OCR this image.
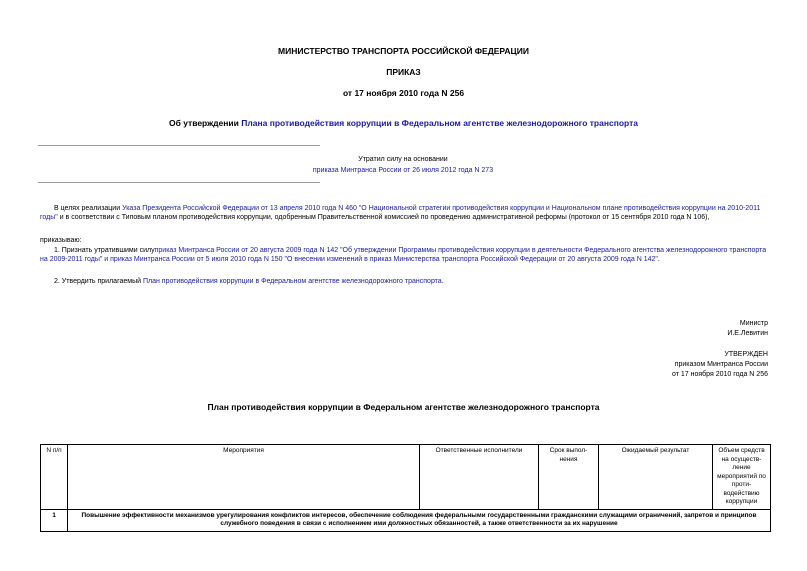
МИНИСТЕРСТВО ТРАНСПОРТА РОССИЙСКОЙ ФЕДЕРАЦИИ
ПРИКАЗ
от 17 ноября 2010 года N 256
Об утверждении Плана противодействия коррупции в Федеральном агентстве железнодорожного транспорта
Утратил силу на основании
приказа Минтранса России от 26 июля 2012 года N 273
В целях реализации Указа Президента Российской Федерации от 13 апреля 2010 года N 460 "О Национальной стратегии противодействия коррупции и Национальном плане противодействия коррупции на 2010-2011 годы" и в соответствии с Типовым планом противодействия коррупции, одобренным Правительственной комиссией по проведению административной реформы (протокол от 15 сентября 2010 года N 106),
приказываю:
1. Признать утратившими силуприказ Минтранса России от 20 августа 2009 года N 142 "Об утверждении Программы противодействия коррупции в деятельности Федерального агентства железнодорожного транспорта на 2009-2011 годы" и приказ Минтранса России от 5 июля 2010 года N 150 "О внесении изменений в приказ Министерства транспорта Российской Федерации от 20 августа 2009 года N 142".
2. Утвердить прилагаемый План противодействия коррупции в Федеральном агентстве железнодорожного транспорта.
Министр
И.Е.Левитин
УТВЕРЖДЕН
приказом Минтранса России
от 17 ноября 2010 года N 256
План противодействия коррупции в Федеральном агентстве железнодорожного транспорта
N п/п	Мероприятия	Ответственные исполнители	Срок выпол-нения	Ожидаемый результат	Объем средств на осуществ-ление мероприятий по проти-водействию коррупции
1	Повышение эффективности механизмов урегулирования конфликтов интересов, обеспечение соблюдения федеральными государственными гражданскими служащими ограничений, запретов и принципов служебного поведения в связи с исполнением ими должностных обязанностей, а также ответственности за их нарушение				
